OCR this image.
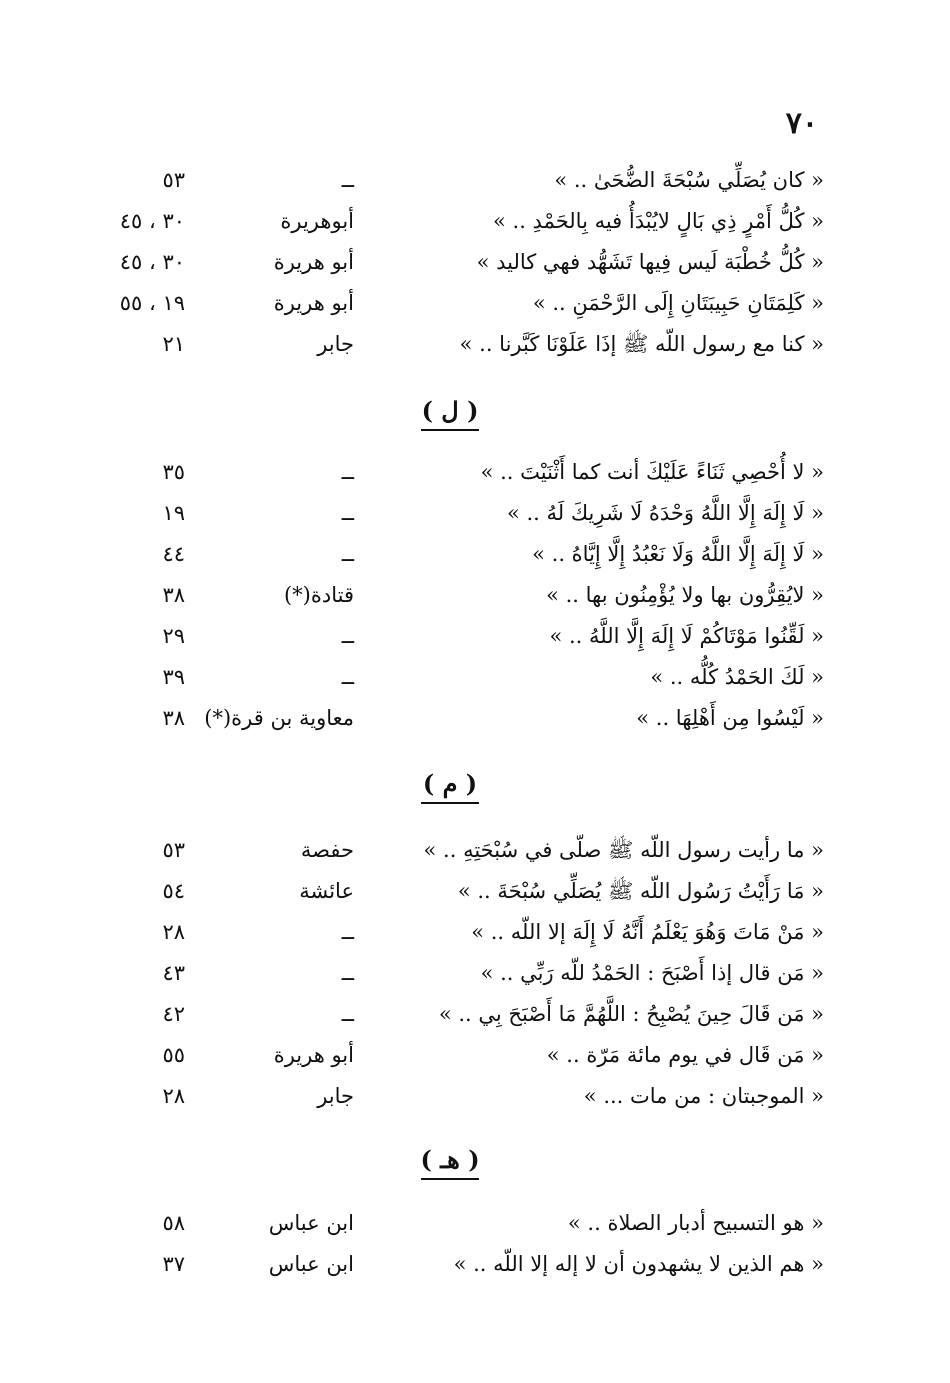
٧٠
« كان يُصَلِّي سُبْحَةَ الضُّحَىٰ .. »
ــ
٥٣
« كُلُّ أَمْرٍ ذِي بَالٍ لايُبْدَأُ فيه بِالحَمْدِ .. »
أبوهريرة
٣٠ ، ٤٥
« كُلُّ خُطْبَة لَيس فِيها تَشَهُّد فهي كاليد »
أبو هريرة
٣٠ ، ٤٥
« كَلِمَتَانِ حَبِيبَتَانِ إِلَى الرَّحْمَنِ .. »
أبو هريرة
١٩ ، ٥٥
« كنا مع رسول اللّه ﷺ إذَا عَلَوْنَا كَبَّرنا .. »
جابر
٢١
( ل )
« لا أُحْصِي ثَنَاءً عَلَيْكَ أنت كما أَثْنَيْتَ .. »
ــ
٣٥
« لَا إِلَهَ إِلَّا اللَّهُ وَحْدَهُ لَا شَرِيكَ لَهُ .. »
ــ
١٩
« لَا إِلَهَ إِلَّا اللَّهُ وَلَا نَعْبُدُ إِلَّا إِيَّاهُ .. »
ــ
٤٤
« لايُقِرُّون بها ولا يُؤْمِنُون بها .. »
قتادة(*)
٣٨
« لَقِّنُوا مَوْتَاكُمْ لَا إِلَهَ إِلَّا اللَّهُ .. »
ــ
٢٩
« لَكَ الحَمْدُ كُلُّه .. »
ــ
٣٩
« لَيْسُوا مِن أَهْلِهَا .. »
معاوية بن قرة(*)
٣٨
( م )
« ما رأيت رسول اللّه ﷺ صلّى في سُبْحَتِهِ .. »
حفصة
٥٣
« مَا رَأَيْتُ رَسُول اللّه ﷺ يُصَلِّي سُبْحَةَ .. »
عائشة
٥٤
« مَنْ مَاتَ وَهُوَ يَعْلَمُ أَنَّهُ لَا إِلَهَ إلا اللّه .. »
ــ
٢٨
« مَن قال إذا أَصْبَحَ : الحَمْدُ للّه رَبِّي .. »
ــ
٤٣
« مَن قَالَ حِينَ يُصْبِحُ : اللَّهُمَّ مَا أَصْبَحَ بِي .. »
ــ
٤٢
« مَن قَال في يوم مائة مَرّة .. »
أبو هريرة
٥٥
« الموجبتان : من مات ... »
جابر
٢٨
( هـ )
« هو التسبيح أدبار الصلاة .. »
ابن عباس
٥٨
« هم الذين لا يشهدون أن لا إله إلا اللّه .. »
ابن عباس
٣٧
